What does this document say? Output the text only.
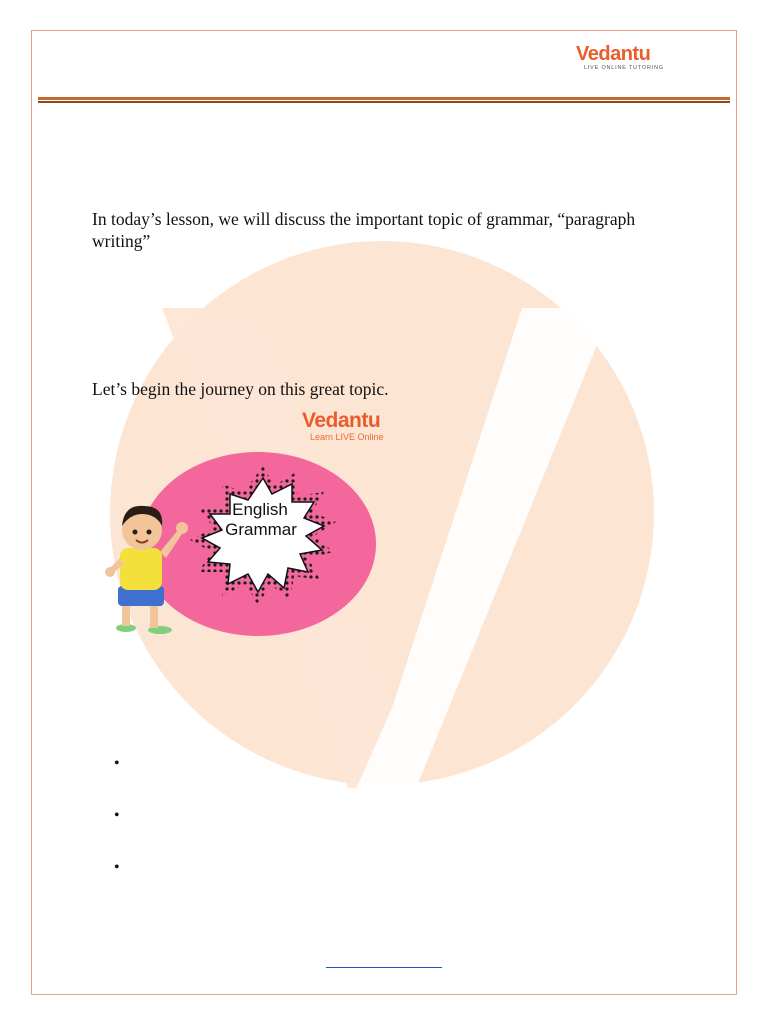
Vedantu
LIVE ONLINE TUTORING
In today’s lesson, we will discuss the important topic of grammar, “paragraph writing”
Let’s begin the journey on this great topic.
Vedantu
Learn LIVE Online
English
Grammar
•
•
•
